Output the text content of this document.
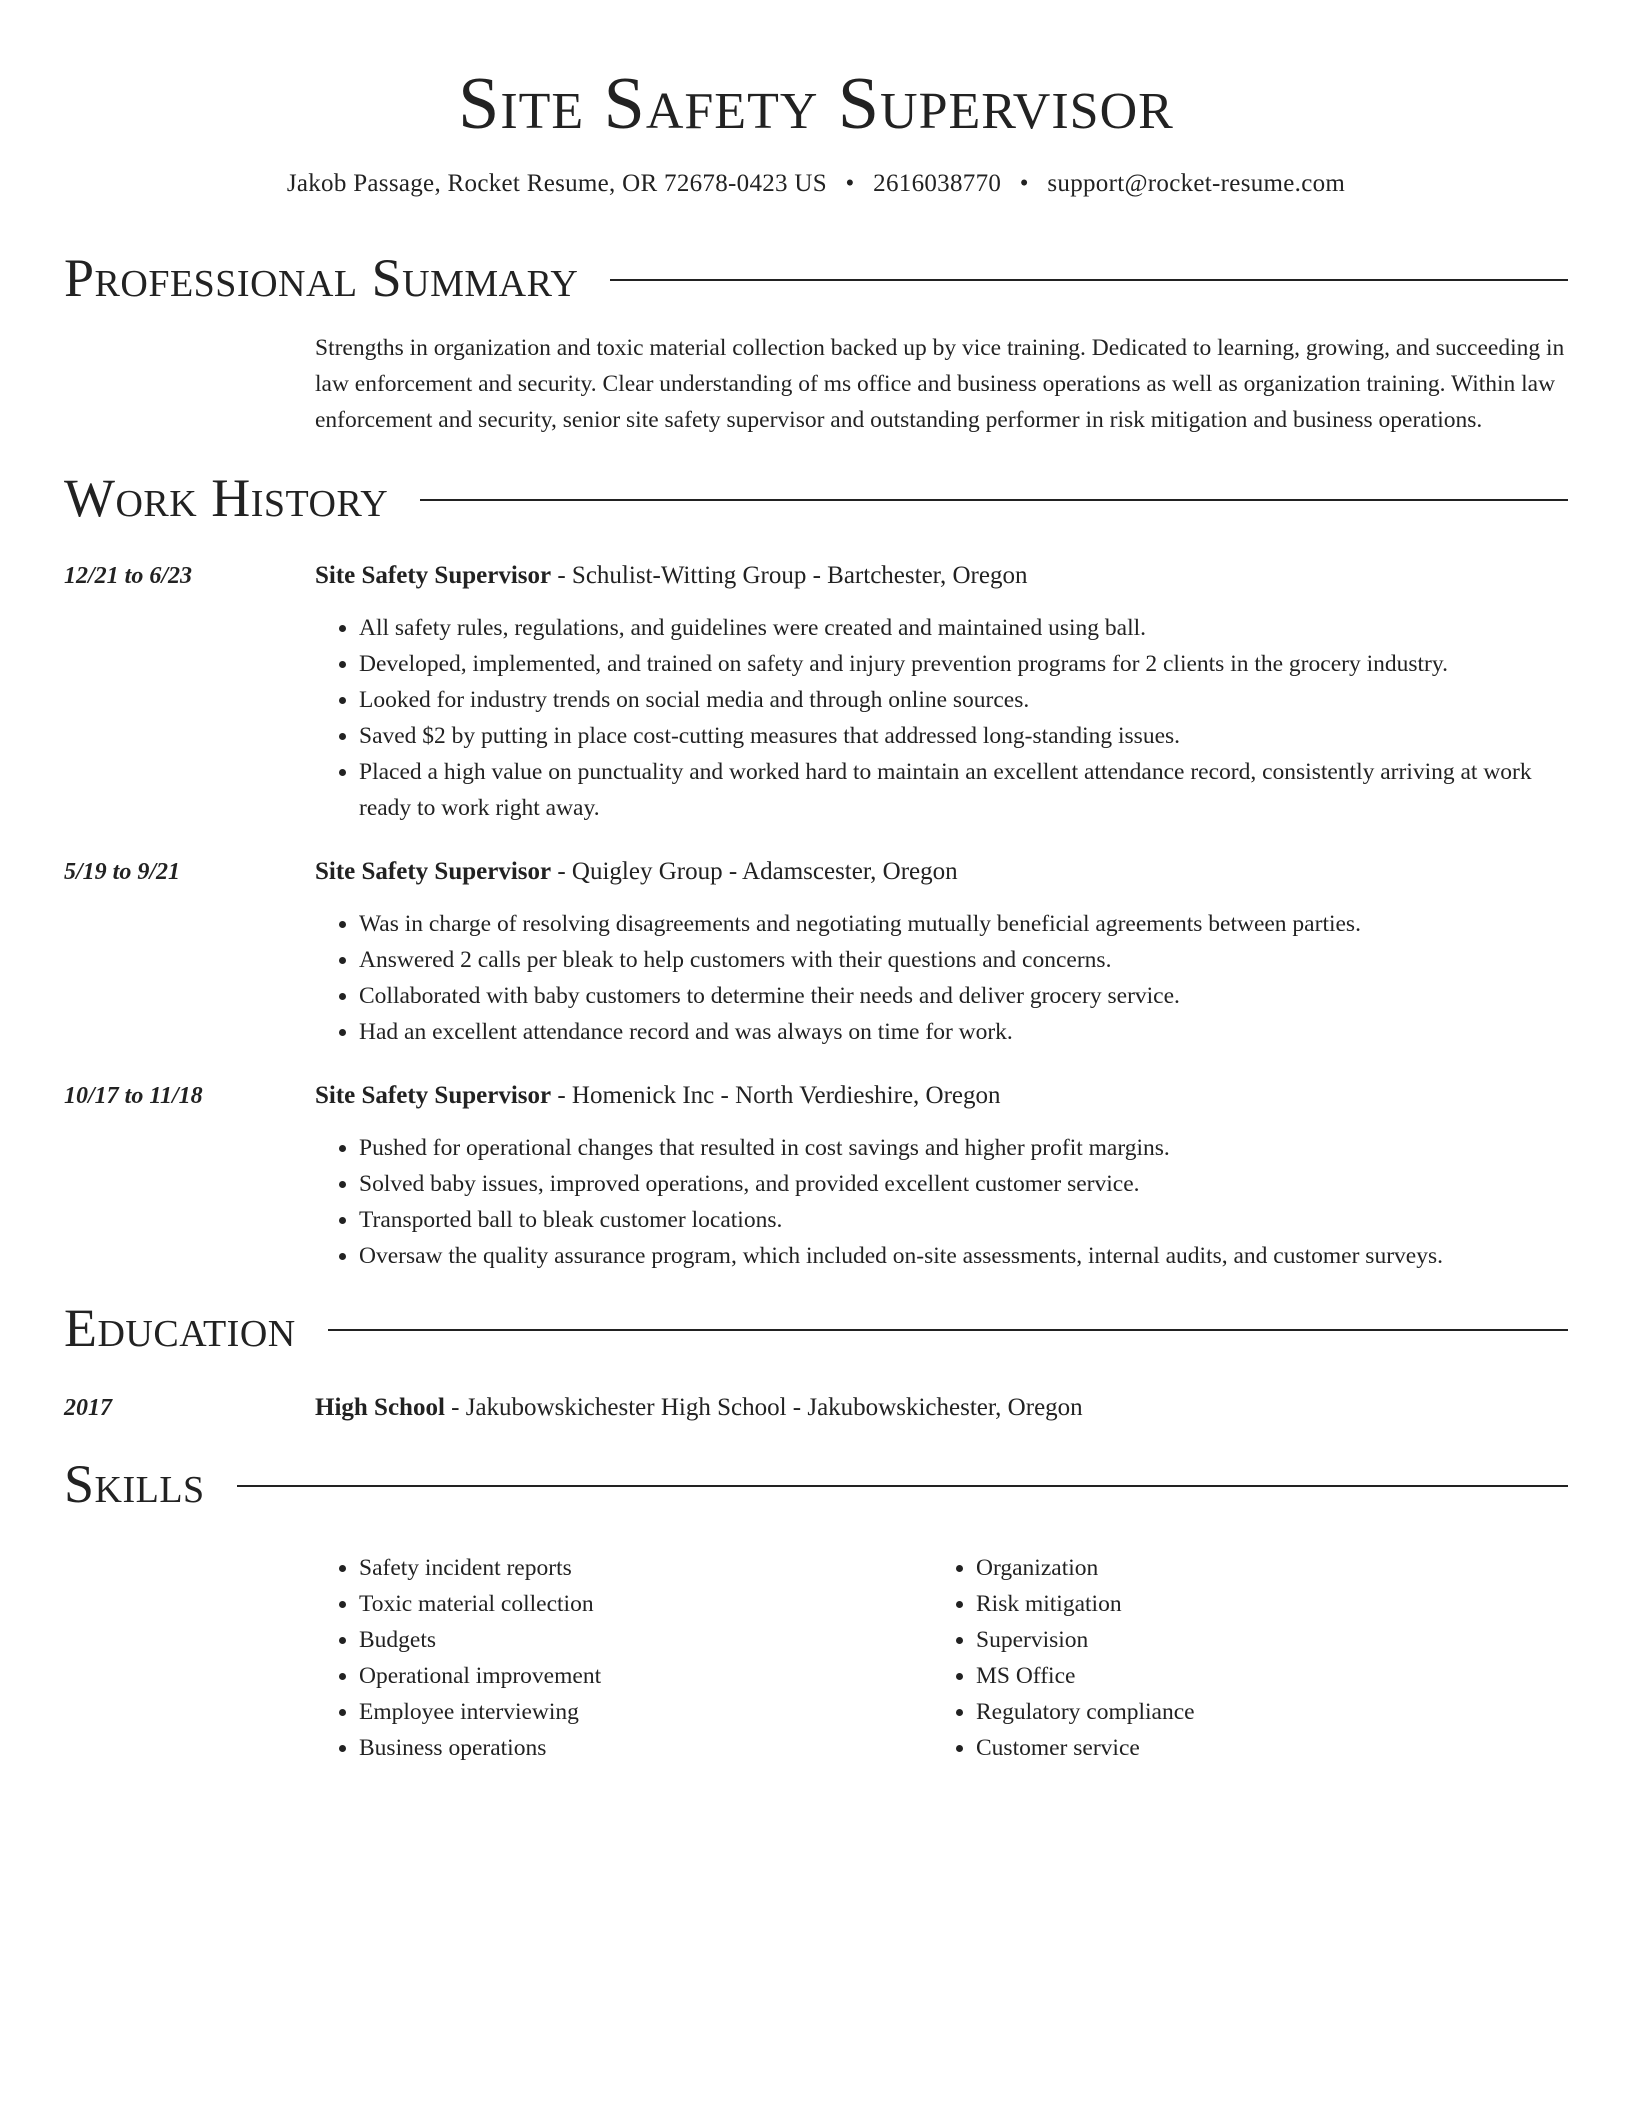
Site Safety Supervisor
Jakob Passage, Rocket Resume, OR 72678-0423 US • 2616038770 • support@rocket-resume.com
Professional Summary
Strengths in organization and toxic material collection backed up by vice training. Dedicated to learning, growing, and succeeding in law enforcement and security. Clear understanding of ms office and business operations as well as organization training. Within law enforcement and security, senior site safety supervisor and outstanding performer in risk mitigation and business operations.
Work History
12/21 to 6/23	Site Safety Supervisor - Schulist-Witting Group - Bartchester, Oregon
• All safety rules, regulations, and guidelines were created and maintained using ball.
• Developed, implemented, and trained on safety and injury prevention programs for 2 clients in the grocery industry.
• Looked for industry trends on social media and through online sources.
• Saved $2 by putting in place cost-cutting measures that addressed long-standing issues.
• Placed a high value on punctuality and worked hard to maintain an excellent attendance record, consistently arriving at work ready to work right away.
5/19 to 9/21	Site Safety Supervisor - Quigley Group - Adamscester, Oregon
• Was in charge of resolving disagreements and negotiating mutually beneficial agreements between parties.
• Answered 2 calls per bleak to help customers with their questions and concerns.
• Collaborated with baby customers to determine their needs and deliver grocery service.
• Had an excellent attendance record and was always on time for work.
10/17 to 11/18	Site Safety Supervisor - Homenick Inc - North Verdieshire, Oregon
• Pushed for operational changes that resulted in cost savings and higher profit margins.
• Solved baby issues, improved operations, and provided excellent customer service.
• Transported ball to bleak customer locations.
• Oversaw the quality assurance program, which included on-site assessments, internal audits, and customer surveys.
Education
2017	High School - Jakubowskichester High School - Jakubowskichester, Oregon
Skills
• Safety incident reports
• Toxic material collection
• Budgets
• Operational improvement
• Employee interviewing
• Business operations
• Organization
• Risk mitigation
• Supervision
• MS Office
• Regulatory compliance
• Customer service
